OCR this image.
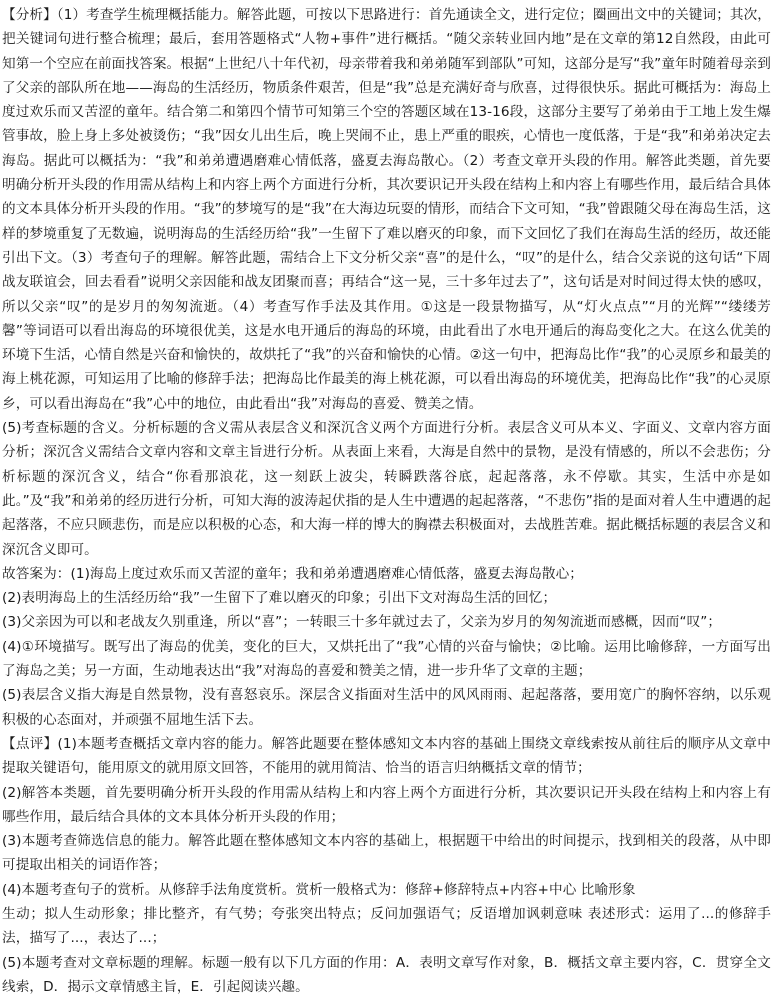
【分析】（1）考查学生梳理概括能力。解答此题，可按以下思路进行：首先通读全文，进行定位；圈画出文中的关键词；其次，把关键词句进行整合梳理；最后，套用答题格式“人物+事件”进行概括。“随父亲转业回内地”是在文章的第12自然段，由此可知第一个空应在前面找答案。根据“上世纪八十年代初，母亲带着我和弟弟随军到部队”可知，这部分是写“我”童年时随着母亲到了父亲的部队所在地——海岛的生活经历，物质条件艰苦，但是“我”总是充满好奇与欣喜，过得很快乐。据此可概括为：海岛上度过欢乐而又苦涩的童年。结合第二和第四个情节可知第三个空的答题区域在13-16段，这部分主要写了弟弟由于工地上发生爆管事故，脸上身上多处被烫伤；“我”因女儿出生后，晚上哭闹不止，患上严重的眼疾，心情也一度低落，于是“我”和弟弟决定去海岛。据此可以概括为：“我”和弟弟遭遇磨难心情低落，盛夏去海岛散心。（2）考查文章开头段的作用。解答此类题，首先要明确分析开头段的作用需从结构上和内容上两个方面进行分析，其次要识记开头段在结构上和内容上有哪些作用，最后结合具体的文本具体分析开头段的作用。“我”的梦境写的是“我”在大海边玩耍的情形，而结合下文可知，“我”曾跟随父母在海岛生活，这样的梦境重复了无数遍，说明海岛的生活经历给“我”一生留下了难以磨灭的印象，而下文回忆了我们在海岛生活的经历，故还能引出下文。（3）考查句子的理解。解答此题，需结合上下文分析父亲“喜”的是什么，“叹”的是什么，结合父亲说的这句话“下周战友联谊会，回去看看”说明父亲因能和战友团聚而喜；再结合“这一晃，三十多年过去了”，这句话是对时间过得太快的感叹，所以父亲“叹”的是岁月的匆匆流逝。（4）考查写作手法及其作用。①这是一段景物描写，从“灯火点点”“月的光辉”“缕缕芳馨”等词语可以看出海岛的环境很优美，这是水电开通后的海岛的环境，由此看出了水电开通后的海岛变化之大。在这么优美的环境下生活，心情自然是兴奋和愉快的，故烘托了“我”的兴奋和愉快的心情。②这一句中，把海岛比作“我”的心灵原乡和最美的海上桃花源，可知运用了比喻的修辞手法；把海岛比作最美的海上桃花源，可以看出海岛的环境优美，把海岛比作“我”的心灵原乡，可以看出海岛在“我”心中的地位，由此看出“我”对海岛的喜爱、赞美之情。

(5)考查标题的含义。分析标题的含义需从表层含义和深沉含义两个方面进行分析。表层含义可从本义、字面义、文章内容方面分析；深沉含义需结合文章内容和文章主旨进行分析。从表面上来看，大海是自然中的景物，是没有情感的，所以不会悲伤；分析标题的深沉含义，结合“你看那浪花，这一刻跃上波尖，转瞬跌落谷底，起起落落，永不停歇。其实，生活中亦是如此。”及“我”和弟弟的经历进行分析，可知大海的波涛起伏指的是人生中遭遇的起起落落，“不悲伤”指的是面对着人生中遭遇的起起落落，不应只顾悲伤，而是应以积极的心态，和大海一样的博大的胸襟去积极面对，去战胜苦难。据此概括标题的表层含义和深沉含义即可。

故答案为：(1)海岛上度过欢乐而又苦涩的童年；我和弟弟遭遇磨难心情低落，盛夏去海岛散心；

(2)表明海岛上的生活经历给“我”一生留下了难以磨灭的印象；引出下文对海岛生活的回忆；

(3)父亲因为可以和老战友久别重逢，所以“喜”；一转眼三十多年就过去了，父亲为岁月的匆匆流逝而感概，因而“叹”；

(4)①环境描写。既写出了海岛的优美，变化的巨大，又烘托出了“我”心情的兴奋与愉快；②比喻。运用比喻修辞，一方面写出了海岛之美；另一方面，生动地表达出“我”对海岛的喜爱和赞美之情，进一步升华了文章的主题；

(5)表层含义指大海是自然景物，没有喜怒哀乐。深层含义指面对生活中的风风雨雨、起起落落，要用宽广的胸怀容纳，以乐观积极的心态面对，并顽强不屈地生活下去。

【点评】(1)本题考查概括文章内容的能力。解答此题要在整体感知文本内容的基础上围绕文章线索按从前往后的顺序从文章中提取关键语句，能用原文的就用原文回答，不能用的就用简洁、恰当的语言归纳概括文章的情节；

(2)解答本类题，首先要明确分析开头段的作用需从结构上和内容上两个方面进行分析，其次要识记开头段在结构上和内容上有哪些作用，最后结合具体的文本具体分析开头段的作用；

(3)本题考查筛选信息的能力。解答此题在整体感知文本内容的基础上，根据题干中给出的时间提示，找到相关的段落，从中即可提取出相关的词语作答；

(4)本题考查句子的赏析。从修辞手法角度赏析。赏析一般格式为：修辞+修辞特点+内容+中心 比喻形象

生动；拟人生动形象；排比整齐，有气势；夸张突出特点；反问加强语气；反语增加讽刺意味 表述形式：运用了...的修辞手法，描写了...，表达了...；

(5)本题考查对文章标题的理解。标题一般有以下几方面的作用：A．表明文章写作对象，B．概括文章主要内容，C．贯穿全文线索，D．揭示文章情感主旨，E．引起阅读兴趣。
